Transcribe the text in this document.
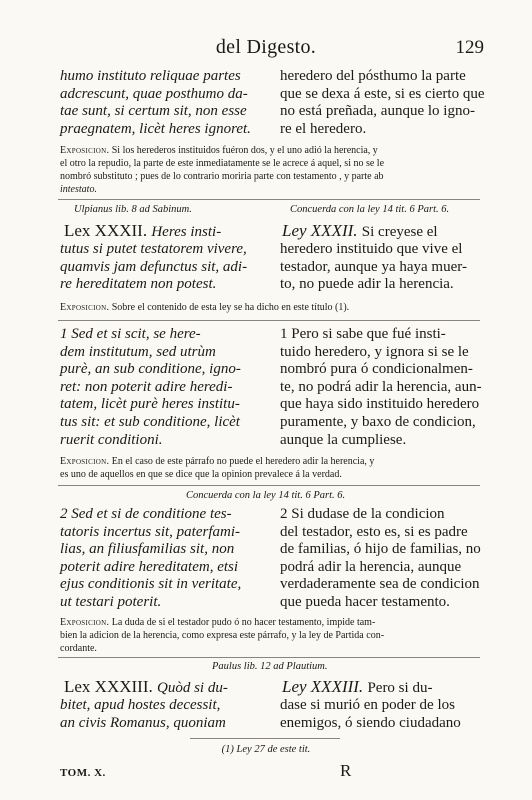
del Digesto.	129
humo instituto reliquae partes
adcrescunt, quae posthumo da-
tae sunt, si certum sit, non esse
praegnatem, licèt heres ignoret.
heredero del pósthumo la parte
que se dexa á este, si es cierto que
no está preñada, aunque lo igno-
re el heredero.
Exposicion. Si los herederos instituidos fuéron dos, y el uno adió la herencia, y
el otro la repudio, la parte de este inmediatamente se le acrece á aquel, si no se le
nombró substituto ; pues de lo contrario moriria parte con testamento , y parte ab
intestato.
Ulpianus lib. 8 ad Sabinum.	Concuerda con la ley 14 tit. 6 Part. 6.
Lex XXXII. Heres insti-	Ley XXXII. Si creyese el
tutus si putet testatorem vivere,
quamvis jam defunctus sit, adi-
re hereditatem non potest.
heredero instituido que vive el
testador, aunque ya haya muer-
to, no puede adir la herencia.
Exposicion. Sobre el contenido de esta ley se ha dicho en este título (1).
1 Sed et si scit, se here-
dem institutum, sed utrùm
purè, an sub conditione, igno-
ret: non poterit adire heredi-
tatem, licèt purè heres institu-
tus sit: et sub conditione, licèt
ruerit conditioni.
1 Pero si sabe que fué insti-
tuido heredero, y ignora si se le
nombró pura ó condicionalmen-
te, no podrá adir la herencia, aun-
que haya sido instituido heredero
puramente, y baxo de condicion,
aunque la cumpliese.
Exposicion. En el caso de este párrafo no puede el heredero adir la herencia, y
es uno de aquellos en que se dice que la opinion prevalece á la verdad.
Concuerda con la ley 14 tit. 6 Part. 6.
2 Sed et si de conditione tes-
tatoris incertus sit, paterfami-
lias, an filiusfamilias sit, non
poterit adire hereditatem, etsi
ejus conditionis sit in veritate,
ut testari poterit.
2 Si dudase de la condicion
del testador, esto es, si es padre
de familias, ó hijo de familias, no
podrá adir la herencia, aunque
verdaderamente sea de condicion
que pueda hacer testamento.
Exposicion. La duda de si el testador pudo ó no hacer testamento, impide tam-
bien la adicion de la herencia, como expresa este párrafo, y la ley de Partida con-
cordante.
Paulus lib. 12 ad Plautium.
Lex XXXIII. Quòd si du-	Ley XXXIII. Pero si du-
bitet, apud hostes decessit,
an civis Romanus, quoniam
dase si murió en poder de los
enemigos, ó siendo ciudadano
(1) Ley 27 de este tit.
TOM. X.	R
